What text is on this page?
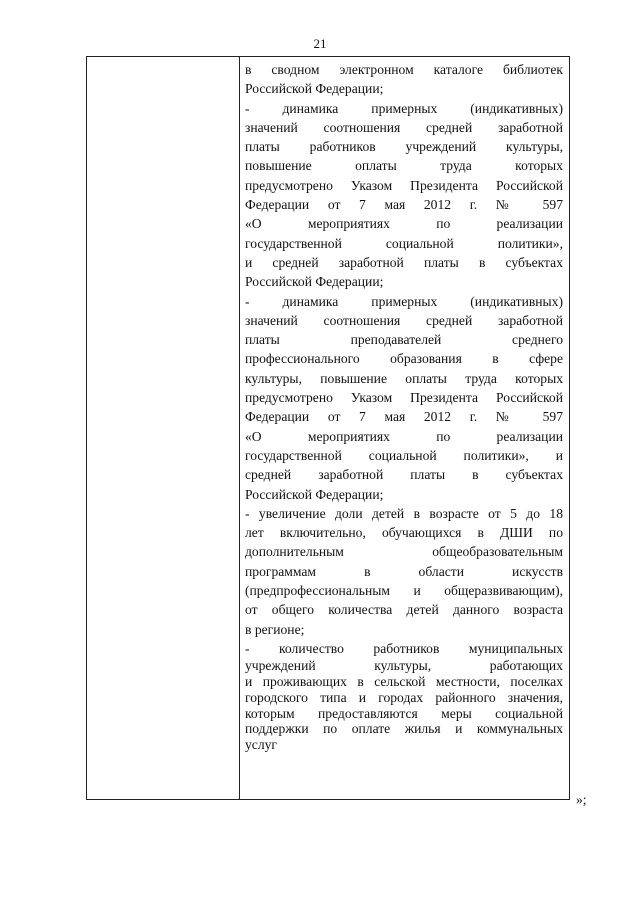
21
в сводном электронном каталоге библиотек
Российской Федерации;
- динамика примерных (индикативных)
значений соотношения средней заработной
платы работников учреждений культуры,
повышение оплаты труда которых
предусмотрено Указом Президента Российской
Федерации от 7 мая 2012 г. № 597
«О мероприятиях по реализации
государственной социальной политики»,
и средней заработной платы в субъектах
Российской Федерации;
- динамика примерных (индикативных)
значений соотношения средней заработной
платы преподавателей среднего
профессионального образования в сфере
культуры, повышение оплаты труда которых
предусмотрено Указом Президента Российской
Федерации от 7 мая 2012 г. № 597
«О мероприятиях по реализации
государственной социальной политики», и
средней заработной платы в субъектах
Российской Федерации;
- увеличение доли детей в возрасте от 5 до 18
лет включительно, обучающихся в ДШИ по
дополнительным общеобразовательным
программам в области искусств
(предпрофессиональным и общеразвивающим),
от общего количества детей данного возраста
в регионе;
- количество работников муниципальных
учреждений культуры, работающих
и проживающих в сельской местности, поселках
городского типа и городах районного значения,
которым предоставляются меры социальной
поддержки по оплате жилья и коммунальных
услуг
»;
